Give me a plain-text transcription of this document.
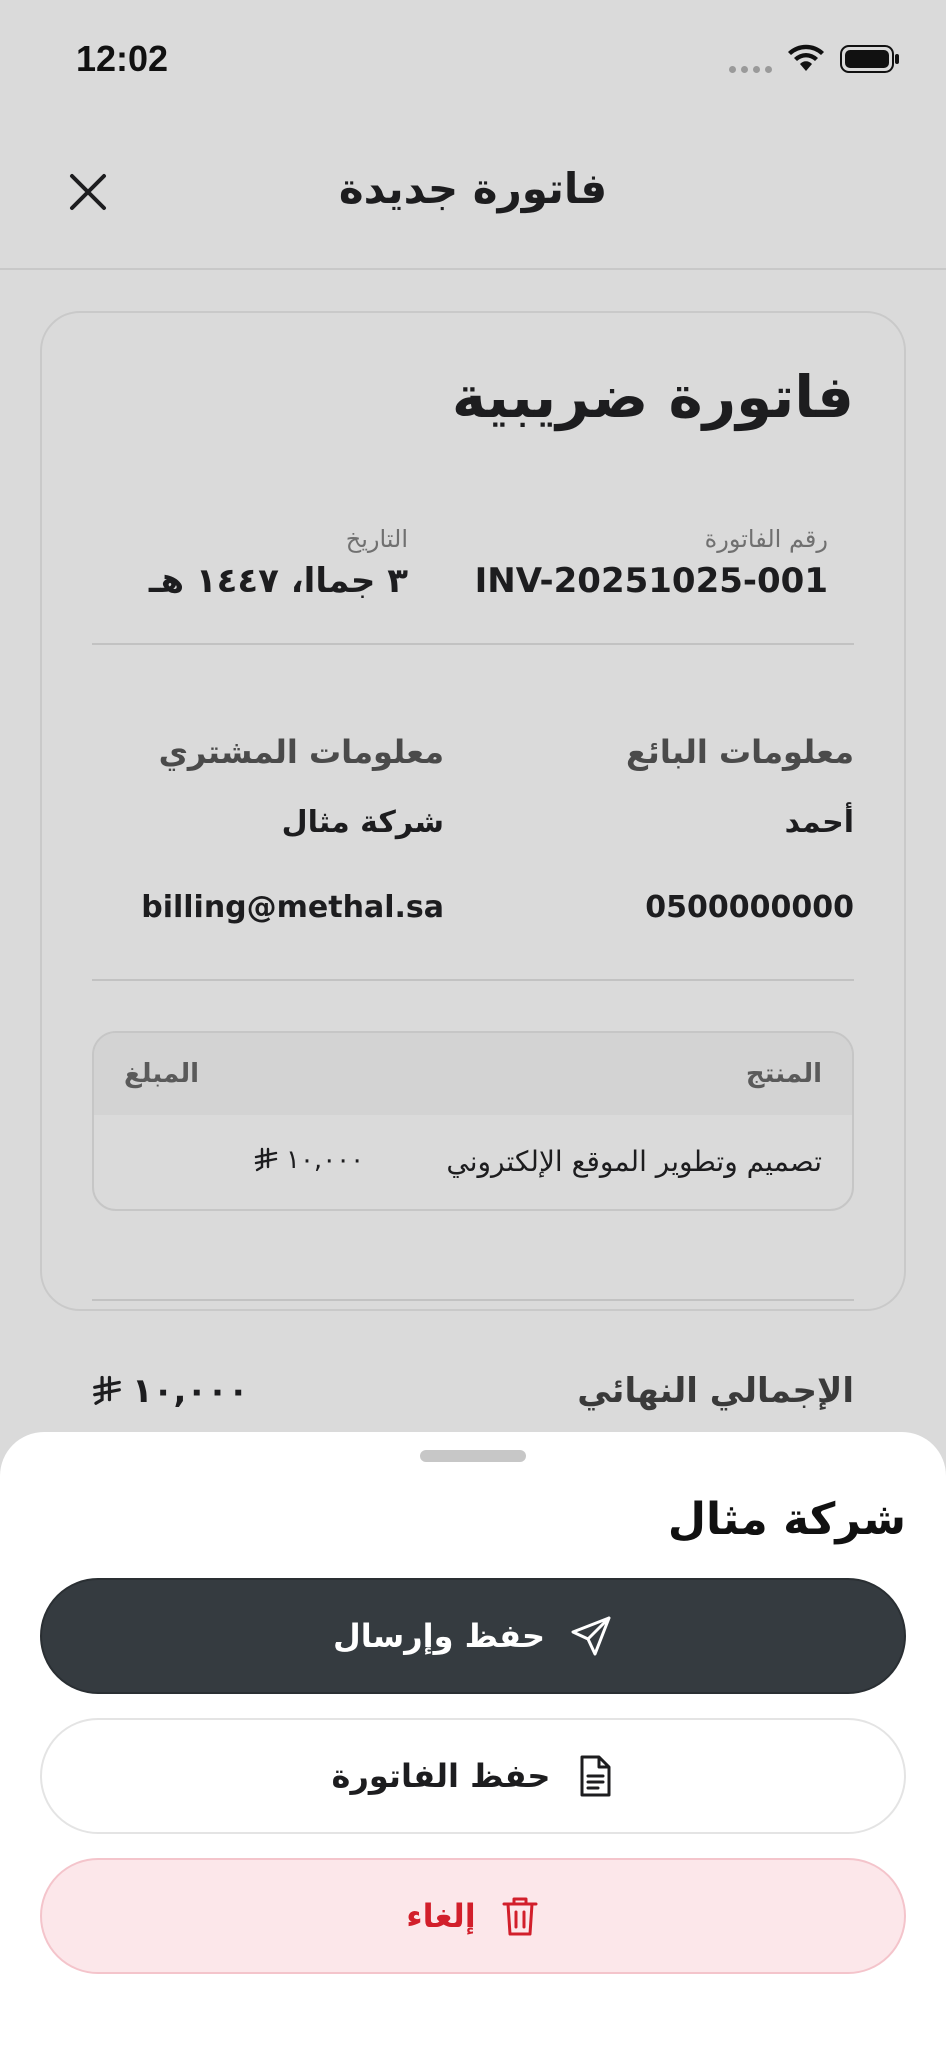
12:02
فاتورة جديدة
فاتورة ضريبية
رقم الفاتورة
INV-20251025-001
التاريخ
٣ جماا، ١٤٤٧ هـ
معلومات البائع
أحمد
0500000000
معلومات المشتري
شركة مثال
billing@methal.sa
المنتج
المبلغ
تصميم وتطوير الموقع الإلكتروني
١٠,٠٠٠
الإجمالي النهائي
١٠,٠٠٠
شركة مثال
حفظ وإرسال
حفظ الفاتورة
إلغاء
